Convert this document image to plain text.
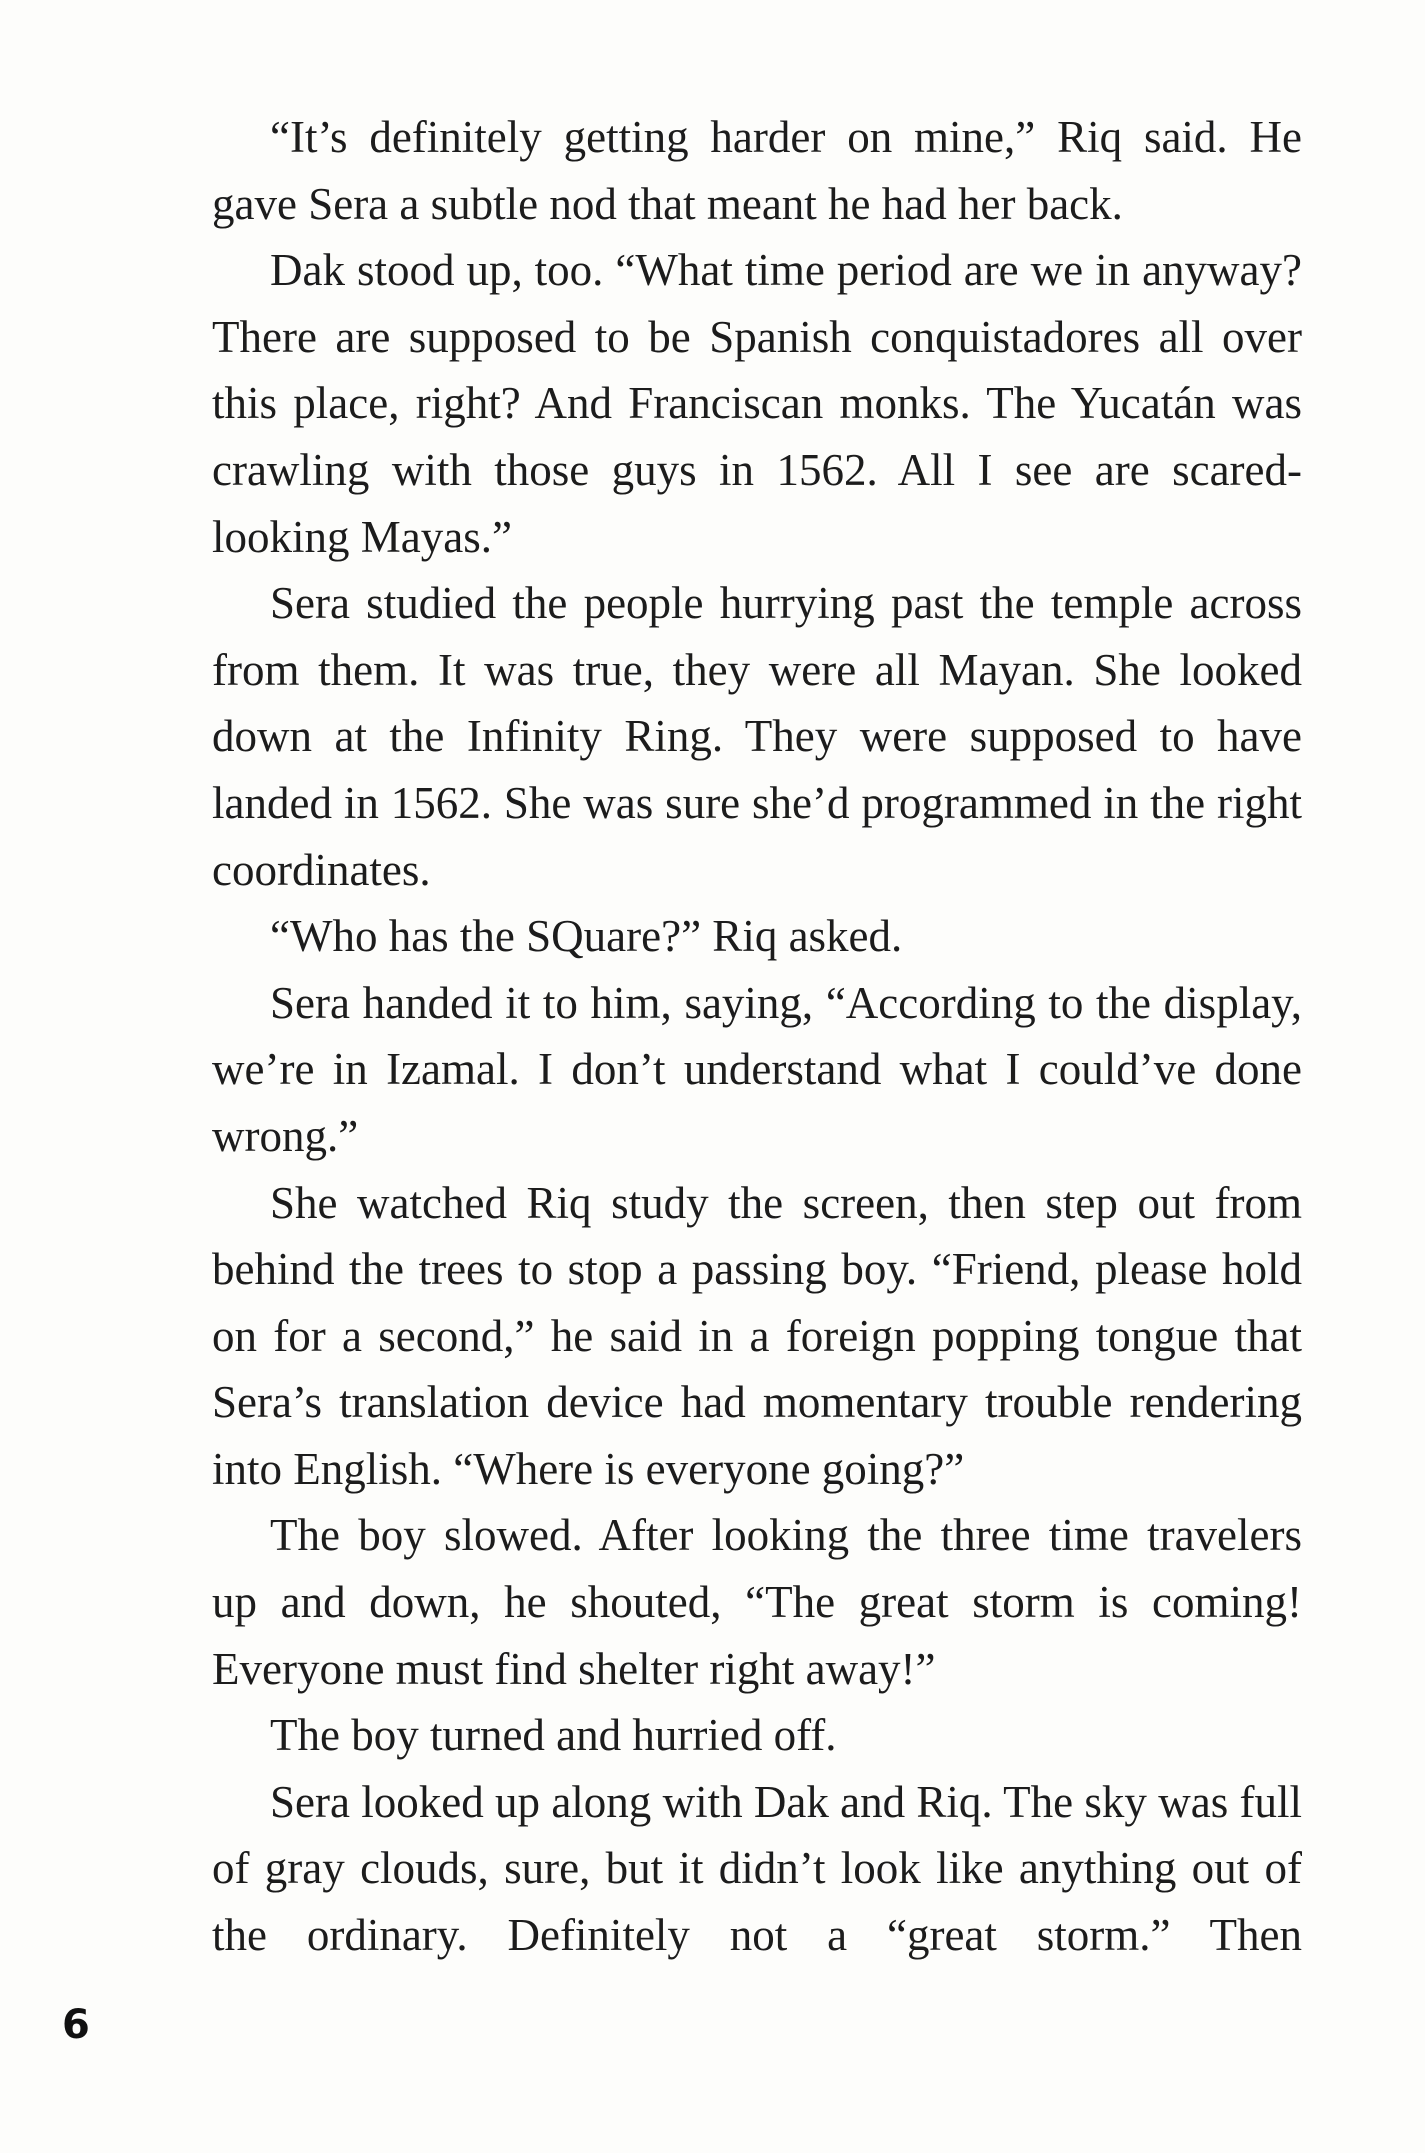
“It’s definitely getting harder on mine,” Riq said. He gave Sera a subtle nod that meant he had her back.

Dak stood up, too. “What time period are we in anyway? There are supposed to be Spanish conquistadores all over this place, right? And Franciscan monks. The Yucatán was crawling with those guys in 1562. All I see are scared-looking Mayas.”

Sera studied the people hurrying past the temple across from them. It was true, they were all Mayan. She looked down at the Infinity Ring. They were supposed to have landed in 1562. She was sure she’d programmed in the right coordinates.

“Who has the SQuare?” Riq asked.

Sera handed it to him, saying, “According to the display, we’re in Izamal. I don’t understand what I could’ve done wrong.”

She watched Riq study the screen, then step out from behind the trees to stop a passing boy. “Friend, please hold on for a second,” he said in a foreign popping tongue that Sera’s translation device had momentary trouble rendering into English. “Where is everyone going?”

The boy slowed. After looking the three time travelers up and down, he shouted, “The great storm is coming! Everyone must find shelter right away!”

The boy turned and hurried off.

Sera looked up along with Dak and Riq. The sky was full of gray clouds, sure, but it didn’t look like anything out of the ordinary. Definitely not a “great storm.” Then

6
